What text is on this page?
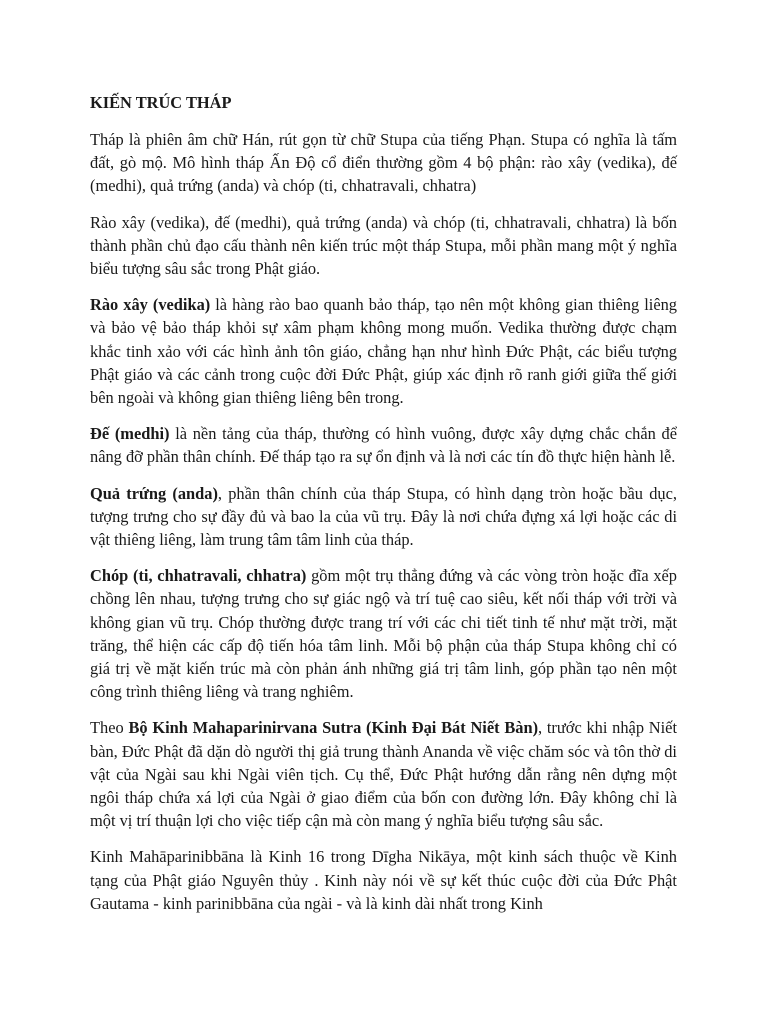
KIẾN TRÚC THÁP

Tháp là phiên âm chữ Hán, rút gọn từ chữ Stupa của tiếng Phạn. Stupa có nghĩa là tấm đất, gò mộ. Mô hình tháp Ấn Độ cổ điển thường gồm 4 bộ phận: rào xây (vedika), đế (medhi), quả trứng (anda) và chóp (ti, chhatravali, chhatra)

Rào xây (vedika), đế (medhi), quả trứng (anda) và chóp (ti, chhatravali, chhatra) là bốn thành phần chủ đạo cấu thành nên kiến trúc một tháp Stupa, mỗi phần mang một ý nghĩa biểu tượng sâu sắc trong Phật giáo.

Rào xây (vedika) là hàng rào bao quanh bảo tháp, tạo nên một không gian thiêng liêng và bảo vệ bảo tháp khỏi sự xâm phạm không mong muốn. Vedika thường được chạm khắc tinh xảo với các hình ảnh tôn giáo, chẳng hạn như hình Đức Phật, các biểu tượng Phật giáo và các cảnh trong cuộc đời Đức Phật, giúp xác định rõ ranh giới giữa thế giới bên ngoài và không gian thiêng liêng bên trong.

Đế (medhi) là nền tảng của tháp, thường có hình vuông, được xây dựng chắc chắn để nâng đỡ phần thân chính. Đế tháp tạo ra sự ổn định và là nơi các tín đồ thực hiện hành lễ.

Quả trứng (anda), phần thân chính của tháp Stupa, có hình dạng tròn hoặc bầu dục, tượng trưng cho sự đầy đủ và bao la của vũ trụ. Đây là nơi chứa đựng xá lợi hoặc các di vật thiêng liêng, làm trung tâm tâm linh của tháp.

Chóp (ti, chhatravali, chhatra) gồm một trụ thẳng đứng và các vòng tròn hoặc đĩa xếp chồng lên nhau, tượng trưng cho sự giác ngộ và trí tuệ cao siêu, kết nối tháp với trời và không gian vũ trụ. Chóp thường được trang trí với các chi tiết tinh tế như mặt trời, mặt trăng, thể hiện các cấp độ tiến hóa tâm linh. Mỗi bộ phận của tháp Stupa không chỉ có giá trị về mặt kiến trúc mà còn phản ánh những giá trị tâm linh, góp phần tạo nên một công trình thiêng liêng và trang nghiêm.

Theo Bộ Kinh Mahaparinirvana Sutra (Kinh Đại Bát Niết Bàn), trước khi nhập Niết bàn, Đức Phật đã dặn dò người thị giả trung thành Ananda về việc chăm sóc và tôn thờ di vật của Ngài sau khi Ngài viên tịch. Cụ thể, Đức Phật hướng dẫn rằng nên dựng một ngôi tháp chứa xá lợi của Ngài ở giao điểm của bốn con đường lớn. Đây không chỉ là một vị trí thuận lợi cho việc tiếp cận mà còn mang ý nghĩa biểu tượng sâu sắc.

Kinh Mahāparinibbāna là Kinh 16 trong Dīgha Nikāya, một kinh sách thuộc về Kinh tạng của Phật giáo Nguyên thủy . Kinh này nói về sự kết thúc cuộc đời của Đức Phật Gautama - kinh parinibbāna của ngài - và là kinh dài nhất trong Kinh
